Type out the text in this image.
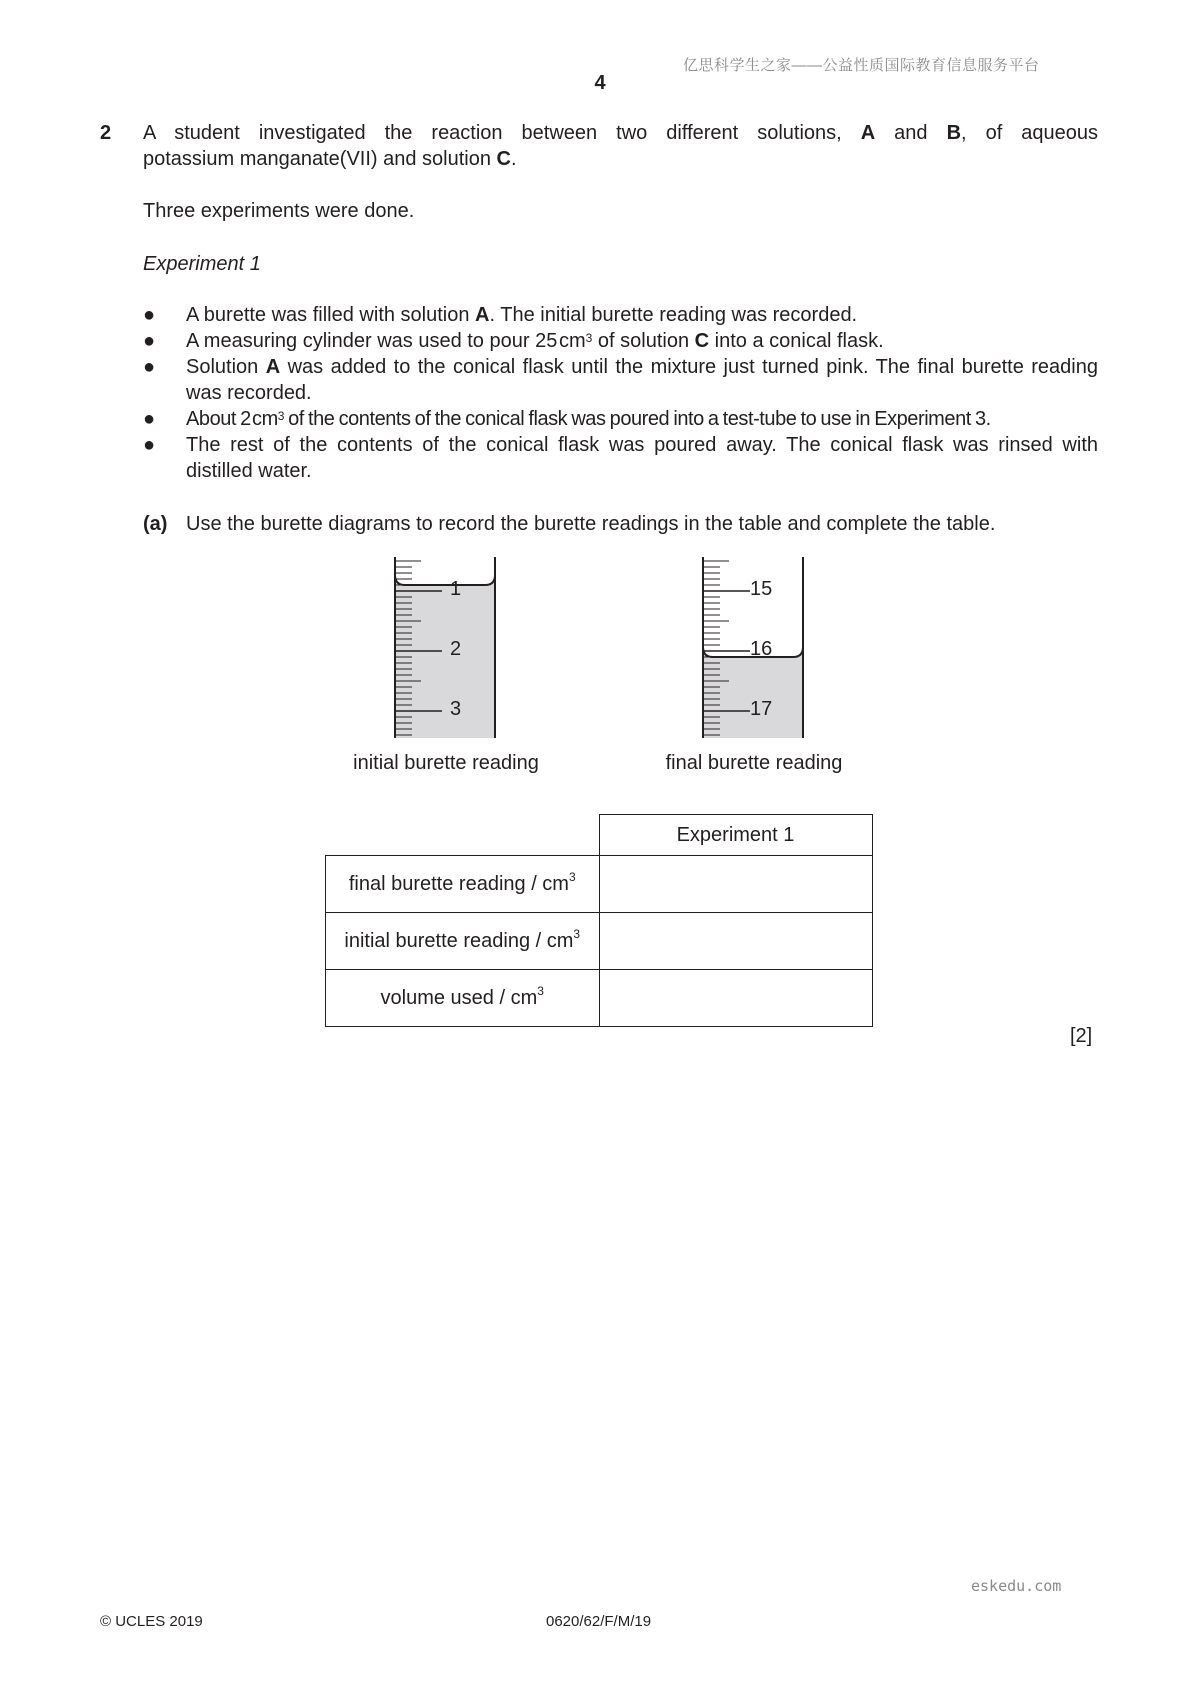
亿思科学生之家——公益性质国际教育信息服务平台
4
2 A student investigated the reaction between two different solutions, A and B, of aqueous
potassium manganate(VII) and solution C.
Three experiments were done.
Experiment 1
●	A burette was filled with solution A. The initial burette reading was recorded.
●	A measuring cylinder was used to pour 25 $cm^3$ of solution C into a conical flask.
●	Solution A was added to the conical flask until the mixture just turned pink. The final burette reading was recorded.
●	About 2 $cm^3$ of the contents of the conical flask was poured into a test-tube to use in Experiment 3.
●	The rest of the contents of the conical flask was poured away. The conical flask was rinsed with distilled water.
(a) Use the burette diagrams to record the burette readings in the table and complete the table.
1
2
3
15
16
17
initial burette reading	final burette reading
	Experiment 1
final burette reading / $cm^3$	
initial burette reading / $cm^3$	
volume used / $cm^3$	
[2]
eskedu.com
© UCLES 2019	0620/62/F/M/19
